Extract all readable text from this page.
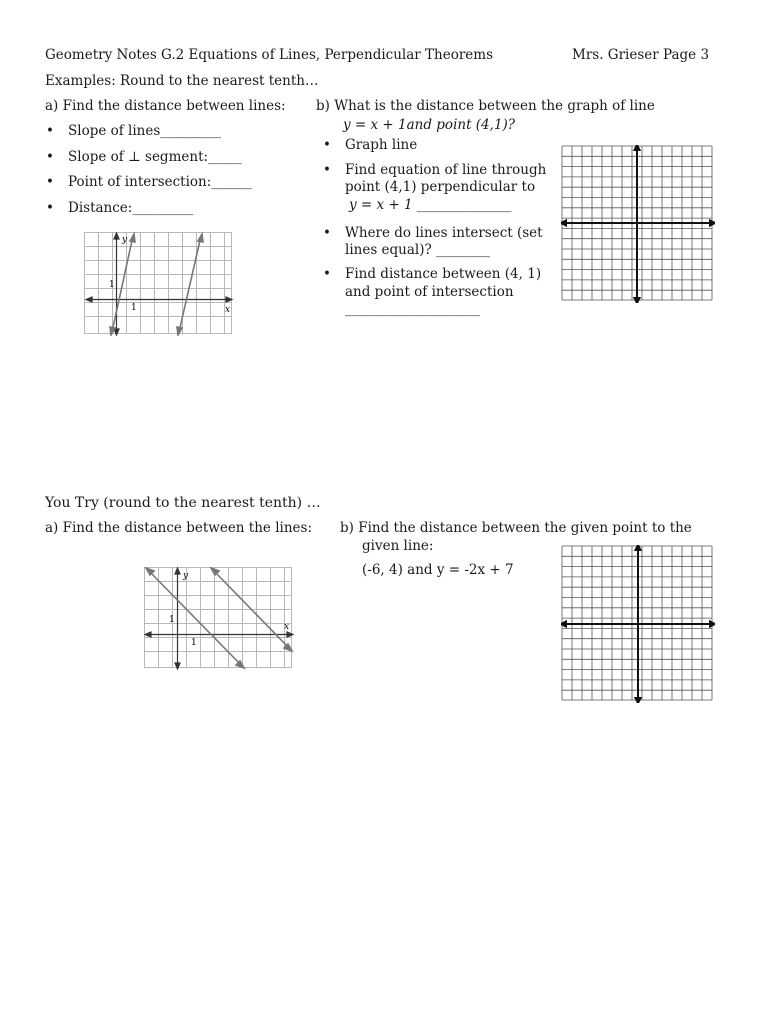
Geometry Notes G.2 Equations of Lines, Perpendicular Theorems	Mrs. Grieser Page 3
Examples: Round to the nearest tenth…
a) Find the distance between lines:
• Slope of lines_________
• Slope of ⊥ segment:_____
• Point of intersection:______
• Distance:_________
y
x
1
1
b) What is the distance between the graph of line
y = x + 1and point (4,1)?
• Graph line
• Find equation of line through
point (4,1) perpendicular to
y = x + 1 ______________
• Where do lines intersect (set
lines equal)? ________
• Find distance between (4, 1)
and point of intersection
____________________
You Try (round to the nearest tenth) …
a) Find the distance between the lines:
y
x
1
1
b) Find the distance between the given point to the
given line:
(-6, 4) and y = -2x + 7
